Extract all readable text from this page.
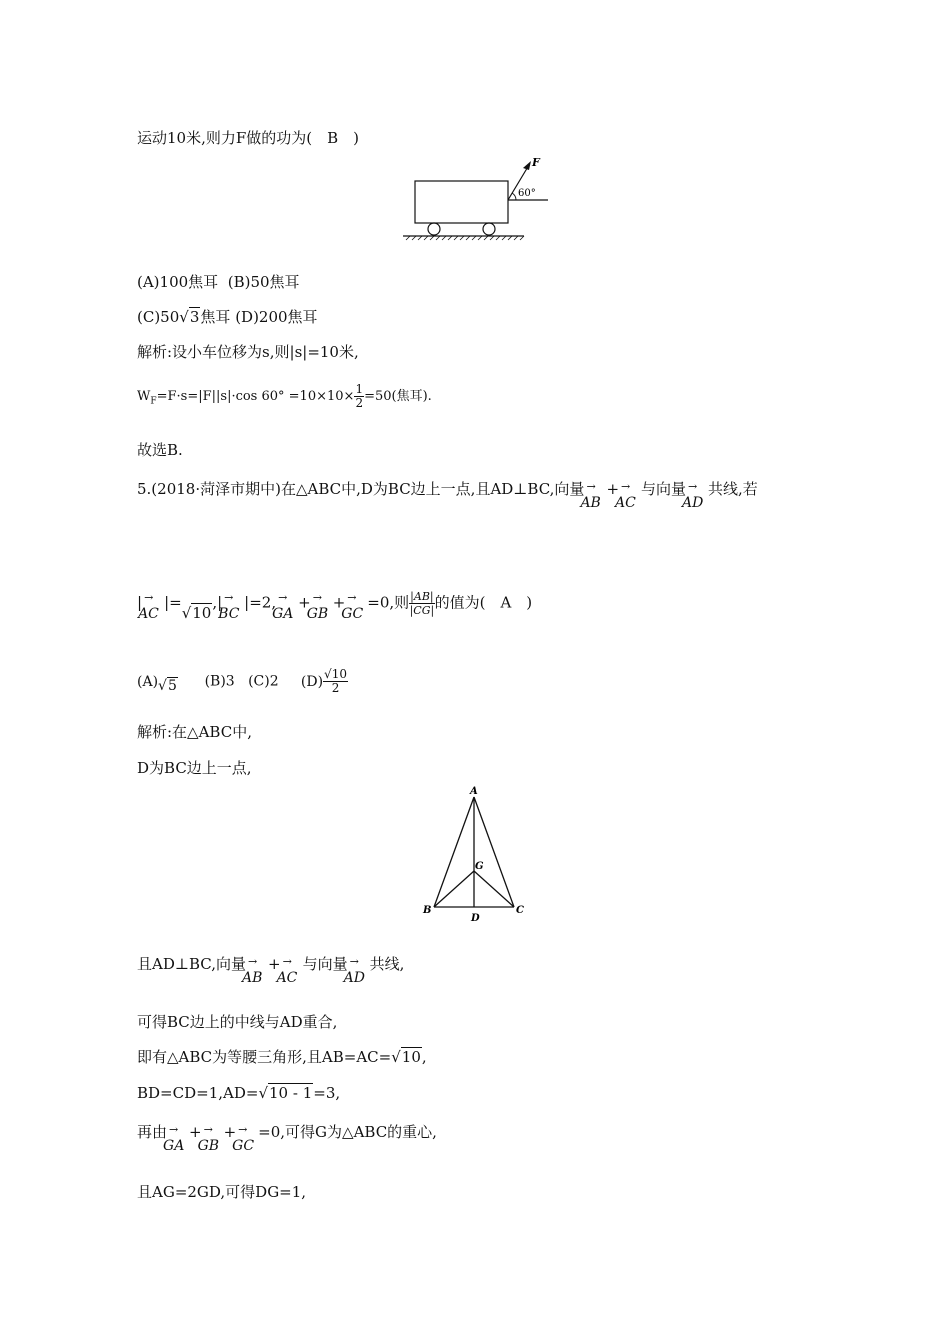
运动10米,则力F做的功为(　B　)
F
60°
(A)100焦耳 (B)50焦耳
(C)50√3焦耳 (D)200焦耳
解析:设小车位移为s,则|s|=10米,
$W_F=F\cdot s=|F||s|\cdot\cos$ $60^\circ =10\times 10\times \frac{1}{2} =50$(焦耳).
故选B.
5.(2018·菏泽市期中)在△ABC中,D为BC边上一点,且AD⊥BC,向量 →
AB
+ →
AC
与向量 →
AD
共线,若
| →
AC
|=√10,| →
BC
|=2, →
GA
+ →
GB
+ →
GC
=0,则 $\frac{|AB|}{|CG|}$ 的值为(　A　)
(A)√5 (B)3 (C)2 $(D) \frac{√10}{2}$
解析:在△ABC中,
D为BC边上一点,
A
B	C
D
G
且AD⊥BC,向量 →
AB
+ →
AC
与向量 →
AD
共线,
可得BC边上的中线与AD重合,
即有△ABC为等腰三角形,且AB=AC=√10,
BD=CD=1,AD=√10 - 1=3,
再由 →
GA
+ →
GB
+ →
GC
=0,可得G为△ABC的重心,
且AG=2GD,可得DG=1,
